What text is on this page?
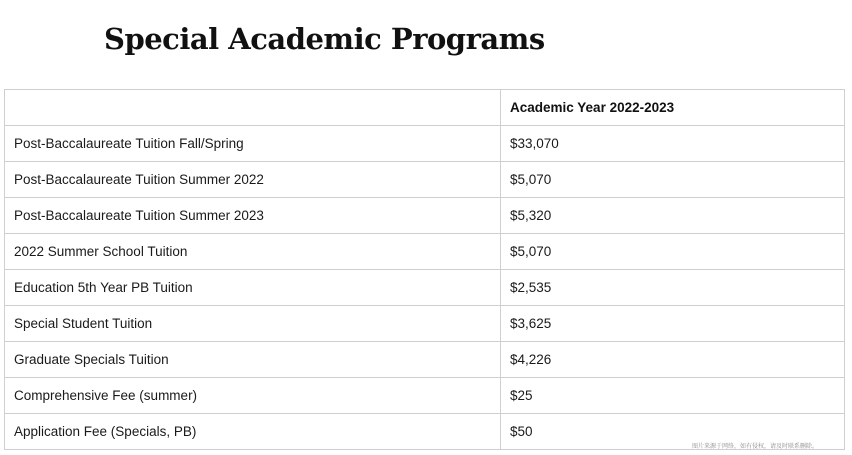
Special Academic Programs
	Academic Year 2022-2023
Post-Baccalaureate Tuition Fall/Spring	$33,070
Post-Baccalaureate Tuition Summer 2022	$5,070
Post-Baccalaureate Tuition Summer 2023	$5,320
2022 Summer School Tuition	$5,070
Education 5th Year PB Tuition	$2,535
Special Student Tuition	$3,625
Graduate Specials Tuition	$4,226
Comprehensive Fee (summer)	$25
Application Fee (Specials, PB)	$50
图片来源于网络，如有侵权，请及时联系删除。
